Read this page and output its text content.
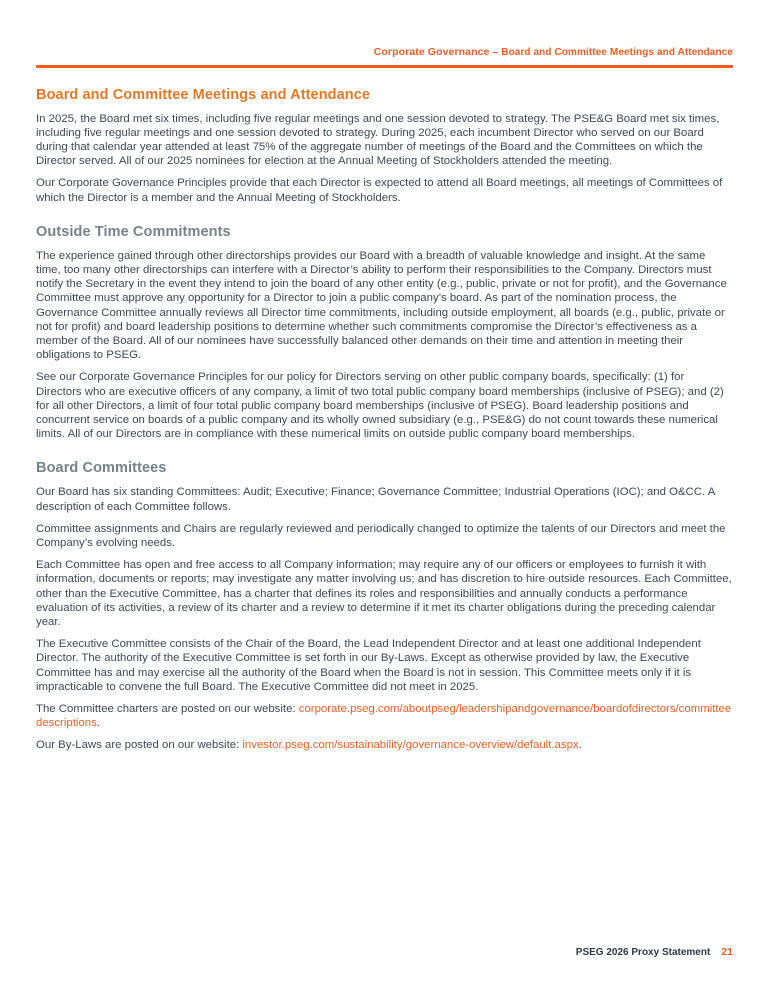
Corporate Governance – Board and Committee Meetings and Attendance
Board and Committee Meetings and Attendance

In 2025, the Board met six times, including five regular meetings and one session devoted to strategy. The PSE&G Board met six times, including five regular meetings and one session devoted to strategy. During 2025, each incumbent Director who served on our Board during that calendar year attended at least 75% of the aggregate number of meetings of the Board and the Committees on which the Director served. All of our 2025 nominees for election at the Annual Meeting of Stockholders attended the meeting.

Our Corporate Governance Principles provide that each Director is expected to attend all Board meetings, all meetings of Committees of which the Director is a member and the Annual Meeting of Stockholders.

Outside Time Commitments

The experience gained through other directorships provides our Board with a breadth of valuable knowledge and insight. At the same time, too many other directorships can interfere with a Director’s ability to perform their responsibilities to the Company. Directors must notify the Secretary in the event they intend to join the board of any other entity (e.g., public, private or not for profit), and the Governance Committee must approve any opportunity for a Director to join a public company’s board. As part of the nomination process, the Governance Committee annually reviews all Director time commitments, including outside employment, all boards (e.g., public, private or not for profit) and board leadership positions to determine whether such commitments compromise the Director’s effectiveness as a member of the Board. All of our nominees have successfully balanced other demands on their time and attention in meeting their obligations to PSEG.

See our Corporate Governance Principles for our policy for Directors serving on other public company boards, specifically: (1) for Directors who are executive officers of any company, a limit of two total public company board memberships (inclusive of PSEG); and (2) for all other Directors, a limit of four total public company board memberships (inclusive of PSEG). Board leadership positions and concurrent service on boards of a public company and its wholly owned subsidiary (e.g., PSE&G) do not count towards these numerical limits. All of our Directors are in compliance with these numerical limits on outside public company board memberships.

Board Committees

Our Board has six standing Committees: Audit; Executive; Finance; Governance Committee; Industrial Operations (IOC); and O&CC. A description of each Committee follows.

Committee assignments and Chairs are regularly reviewed and periodically changed to optimize the talents of our Directors and meet the Company’s evolving needs.

Each Committee has open and free access to all Company information; may require any of our officers or employees to furnish it with information, documents or reports; may investigate any matter involving us; and has discretion to hire outside resources. Each Committee, other than the Executive Committee, has a charter that defines its roles and responsibilities and annually conducts a performance evaluation of its activities, a review of its charter and a review to determine if it met its charter obligations during the preceding calendar year.

The Executive Committee consists of the Chair of the Board, the Lead Independent Director and at least one additional Independent Director. The authority of the Executive Committee is set forth in our By-Laws. Except as otherwise provided by law, the Executive Committee has and may exercise all the authority of the Board when the Board is not in session. This Committee meets only if it is impracticable to convene the full Board. The Executive Committee did not meet in 2025.

The Committee charters are posted on our website: corporate.pseg.com/aboutpseg/leadershipandgovernance/boardofdirectors/committeedescriptions.

Our By-Laws are posted on our website: investor.pseg.com/sustainability/governance-overview/default.aspx.

PSEG 2026 Proxy Statement 21
